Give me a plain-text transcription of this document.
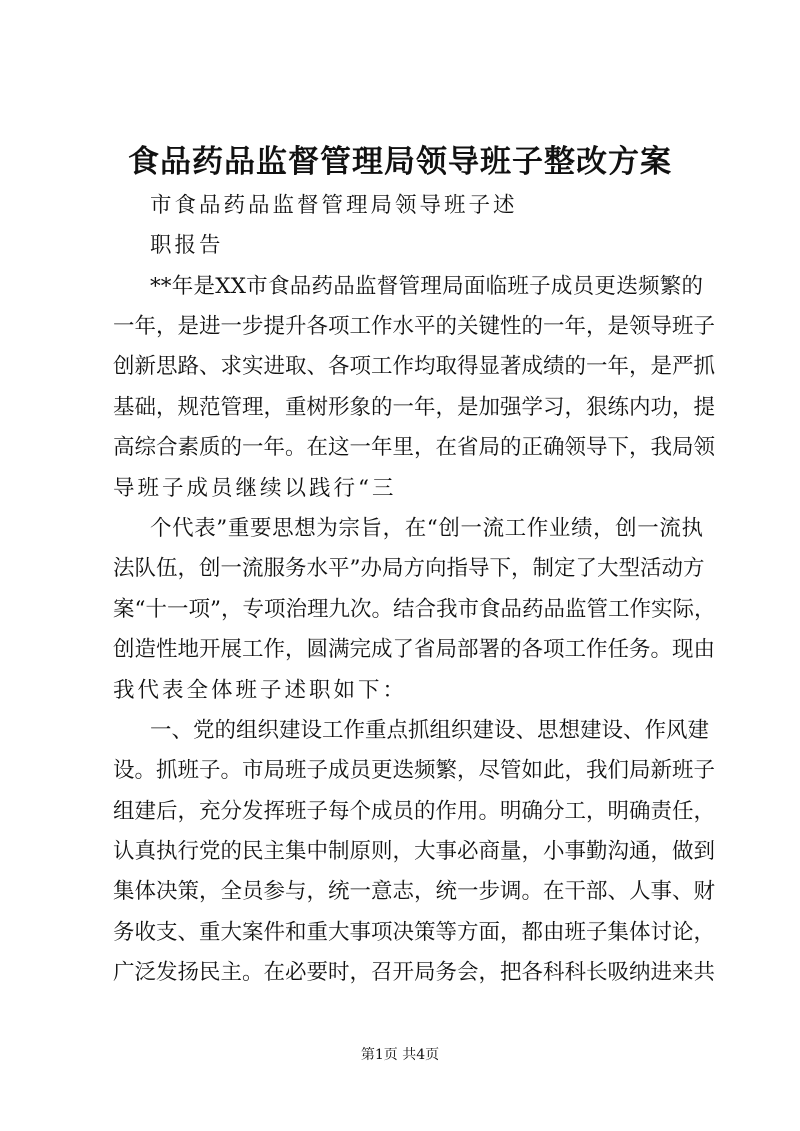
食品药品监督管理局领导班子整改方案
市食品药品监督管理局领导班子述
职报告
**年是XX市食品药品监督管理局面临班子成员更迭频繁的
一年，是进一步提升各项工作水平的关键性的一年，是领导班子
创新思路、求实进取、各项工作均取得显著成绩的一年，是严抓
基础，规范管理，重树形象的一年，是加强学习，狠练内功，提
高综合素质的一年。在这一年里，在省局的正确领导下，我局领
导班子成员继续以践行“三
个代表”重要思想为宗旨，在“创一流工作业绩，创一流执
法队伍，创一流服务水平”办局方向指导下，制定了大型活动方
案“十一项”，专项治理九次。结合我市食品药品监管工作实际，
创造性地开展工作，圆满完成了省局部署的各项工作任务。现由
我代表全体班子述职如下：
一、党的组织建设工作重点抓组织建设、思想建设、作风建
设。抓班子。市局班子成员更迭频繁，尽管如此，我们局新班子
组建后，充分发挥班子每个成员的作用。明确分工，明确责任，
认真执行党的民主集中制原则，大事必商量，小事勤沟通，做到
集体决策，全员参与，统一意志，统一步调。在干部、人事、财
务收支、重大案件和重大事项决策等方面，都由班子集体讨论，
广泛发扬民主。在必要时，召开局务会，把各科科长吸纳进来共
第1页 共4页
